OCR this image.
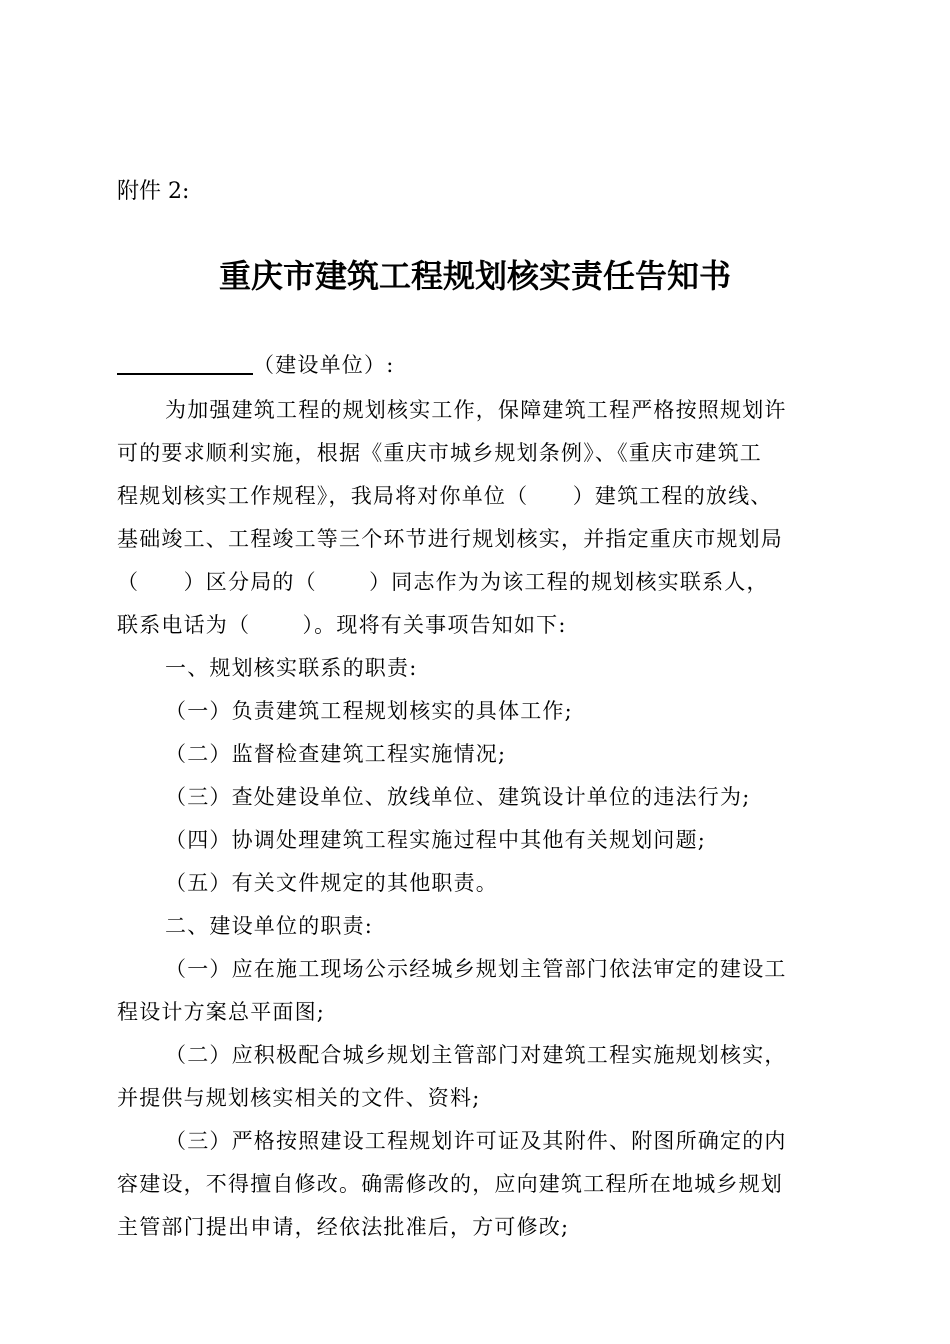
附件 2:
重庆市建筑工程规划核实责任告知书
（建设单位）:
为加强建筑工程的规划核实工作，保障建筑工程严格按照规划许
可的要求顺利实施，根据《重庆市城乡规划条例》、《重庆市建筑工
程规划核实工作规程》，我局将对你单位（　　）建筑工程的放线、
基础竣工、工程竣工等三个环节进行规划核实，并指定重庆市规划局
（　　）区分局的（　　 ）同志作为为该工程的规划核实联系人，
联系电话为（　　 ）。现将有关事项告知如下:
一、规划核实联系的职责:
（一）负责建筑工程规划核实的具体工作;
（二）监督检查建筑工程实施情况;
（三）查处建设单位、放线单位、建筑设计单位的违法行为;
（四）协调处理建筑工程实施过程中其他有关规划问题;
（五）有关文件规定的其他职责。
二、建设单位的职责:
（一）应在施工现场公示经城乡规划主管部门依法审定的建设工
程设计方案总平面图;
（二）应积极配合城乡规划主管部门对建筑工程实施规划核实，
并提供与规划核实相关的文件、资料;
（三）严格按照建设工程规划许可证及其附件、附图所确定的内
容建设，不得擅自修改。确需修改的，应向建筑工程所在地城乡规划
主管部门提出申请，经依法批准后，方可修改;
